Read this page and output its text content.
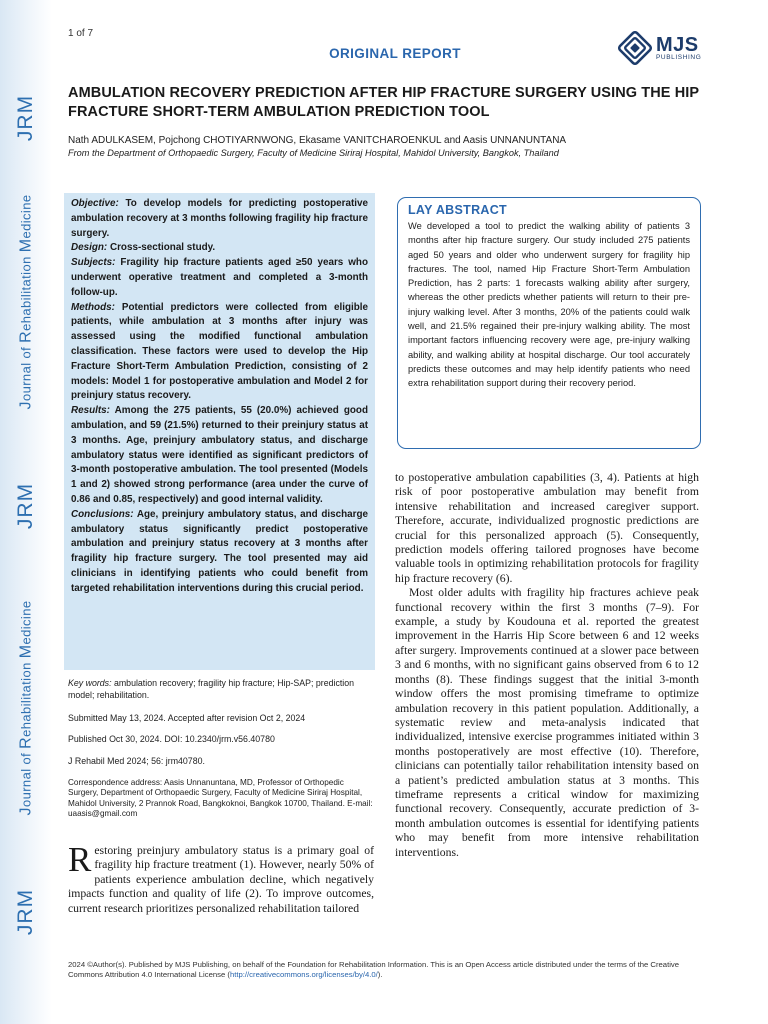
JRM
Journal of Rehabilitation Medicine
JRM
Journal of Rehabilitation Medicine
JRM
1 of 7
ORIGINAL REPORT	MJS
PUBLISHING
AMBULATION RECOVERY PREDICTION AFTER HIP FRACTURE SURGERY USING THE HIP FRACTURE SHORT-TERM AMBULATION PREDICTION TOOL
Nath ADULKASEM, Pojchong CHOTIYARNWONG, Ekasame VANITCHAROENKUL and Aasis UNNANUNTANA
From the Department of Orthopaedic Surgery, Faculty of Medicine Siriraj Hospital, Mahidol University, Bangkok, Thailand

Objective: To develop models for predicting postoperative ambulation recovery at 3 months following fragility hip fracture surgery.

Design: Cross-sectional study.

Subjects: Fragility hip fracture patients aged ≥50 years who underwent operative treatment and completed a 3-month follow-up.

Methods: Potential predictors were collected from eligible patients, while ambulation at 3 months after injury was assessed using the modified functional ambulation classification. These factors were used to develop the Hip Fracture Short-Term Ambulation Prediction, consisting of 2 models: Model 1 for postoperative ambulation and Model 2 for preinjury status recovery.

Results: Among the 275 patients, 55 (20.0%) achieved good ambulation, and 59 (21.5%) returned to their preinjury status at 3 months. Age, preinjury ambulatory status, and discharge ambulatory status were identified as significant predictors of 3-month postoperative ambulation. The tool presented (Models 1 and 2) showed strong performance (area under the curve of 0.86 and 0.85, respectively) and good internal validity.

Conclusions: Age, preinjury ambulatory status, and discharge ambulatory status significantly predict postoperative ambulation and preinjury status recovery at 3 months after fragility hip fracture surgery. The tool presented may aid clinicians in identifying patients who could benefit from targeted rehabilitation interventions during this crucial period.

Key words: ambulation recovery; fragility hip fracture; Hip-SAP; prediction model; rehabilitation.

Submitted May 13, 2024. Accepted after revision Oct 2, 2024

Published Oct 30, 2024. DOI: 10.2340/jrm.v56.40780

J Rehabil Med 2024; 56: jrm40780.

Correspondence address: Aasis Unnanuntana, MD, Professor of Orthopedic Surgery, Department of Orthopaedic Surgery, Faculty of Medicine Siriraj Hospital, Mahidol University, 2 Prannok Road, Bangkoknoi, Bangkok 10700, Thailand. E-mail: uaasis@gmail.com

LAY ABSTRACT

We developed a tool to predict the walking ability of patients 3 months after hip fracture surgery. Our study included 275 patients aged 50 years and older who underwent surgery for fragility hip fractures. The tool, named Hip Fracture Short-Term Ambulation Prediction, has 2 parts: 1 forecasts walking ability after surgery, whereas the other predicts whether patients will return to their pre-injury walking level. After 3 months, 20% of the patients could walk well, and 21.5% regained their pre-injury walking ability. The most important factors influencing recovery were age, pre-injury walking ability, and walking ability at hospital discharge. Our tool accurately predicts these outcomes and may help identify patients who need extra rehabilitation support during their recovery period.

Restoring preinjury ambulatory status is a primary goal of fragility hip fracture treatment (1). However, nearly 50% of patients experience ambulation decline, which negatively impacts function and quality of life (2). To improve outcomes, current research prioritizes personalized rehabilitation tailored

to postoperative ambulation capabilities (3, 4). Patients at high risk of poor postoperative ambulation may benefit from intensive rehabilitation and increased caregiver support. Therefore, accurate, individualized prognostic predictions are crucial for this personalized approach (5). Consequently, prediction models offering tailored prognoses have become valuable tools in optimizing rehabilitation protocols for fragility hip fracture recovery (6).

Most older adults with fragility hip fractures achieve peak functional recovery within the first 3 months (7–9). For example, a study by Koudouna et al. reported the greatest improvement in the Harris Hip Score between 6 and 12 weeks after surgery. Improvements continued at a slower pace between 3 and 6 months, with no significant gains observed from 6 to 12 months (8). These findings suggest that the initial 3-month window offers the most promising timeframe to optimize ambulation recovery in this patient population. Additionally, a systematic review and meta-analysis indicated that individualized, intensive exercise programmes initiated within 3 months postoperatively are most effective (10). Therefore, clinicians can potentially tailor rehabilitation intensity based on a patient’s predicted ambulation status at 3 months. This timeframe represents a critical window for maximizing functional recovery. Consequently, accurate prediction of 3-month ambulation outcomes is essential for identifying patients who may benefit from more intensive rehabilitation interventions.

2024 ©Author(s). Published by MJS Publishing, on behalf of the Foundation for Rehabilitation Information. This is an Open Access article distributed under the terms of the Creative Commons Attribution 4.0 International License (http://creativecommons.org/licenses/by/4.0/).
